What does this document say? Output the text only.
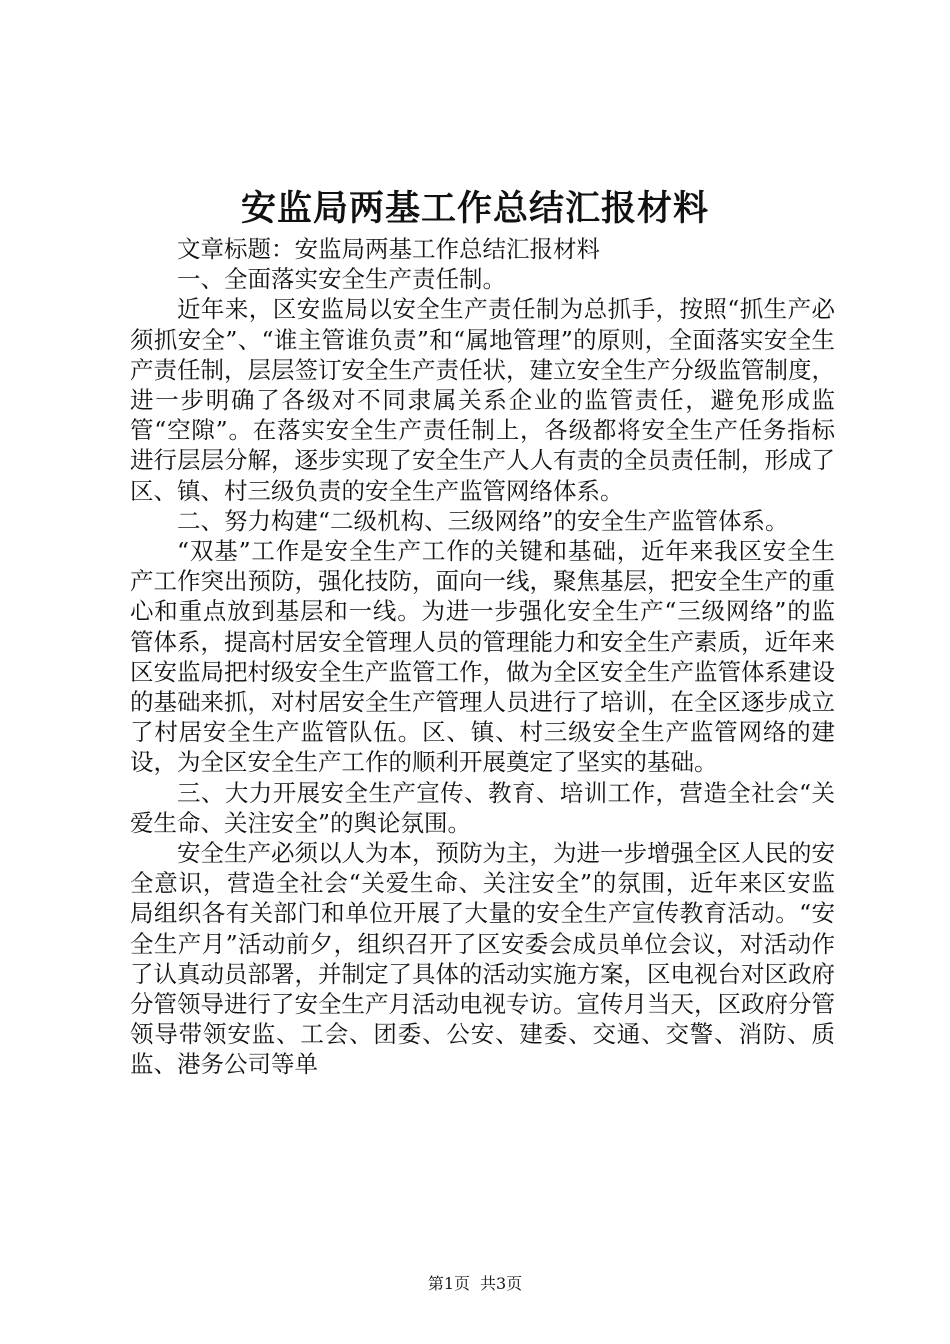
安监局两基工作总结汇报材料

文章标题：安监局两基工作总结汇报材料

一、全面落实安全生产责任制。

近年来，区安监局以安全生产责任制为总抓手，按照“抓生产必须抓安全”、“谁主管谁负责”和“属地管理”的原则，全面落实安全生产责任制，层层签订安全生产责任状，建立安全生产分级监管制度，进一步明确了各级对不同隶属关系企业的监管责任，避免形成监管“空隙”。在落实安全生产责任制上，各级都将安全生产任务指标进行层层分解，逐步实现了安全生产人人有责的全员责任制，形成了区、镇、村三级负责的安全生产监管网络体系。

二、努力构建“二级机构、三级网络”的安全生产监管体系。

“双基”工作是安全生产工作的关键和基础，近年来我区安全生产工作突出预防，强化技防，面向一线，聚焦基层，把安全生产的重心和重点放到基层和一线。为进一步强化安全生产“三级网络”的监管体系，提高村居安全管理人员的管理能力和安全生产素质，近年来区安监局把村级安全生产监管工作，做为全区安全生产监管体系建设的基础来抓，对村居安全生产管理人员进行了培训，在全区逐步成立了村居安全生产监管队伍。区、镇、村三级安全生产监管网络的建设，为全区安全生产工作的顺利开展奠定了坚实的基础。

三、大力开展安全生产宣传、教育、培训工作，营造全社会“关爱生命、关注安全”的舆论氛围。

安全生产必须以人为本，预防为主，为进一步增强全区人民的安全意识，营造全社会“关爱生命、关注安全”的氛围，近年来区安监局组织各有关部门和单位开展了大量的安全生产宣传教育活动。“安全生产月”活动前夕，组织召开了区安委会成员单位会议，对活动作了认真动员部署，并制定了具体的活动实施方案，区电视台对区政府分管领导进行了安全生产月活动电视专访。宣传月当天，区政府分管领导带领安监、工会、团委、公安、建委、交通、交警、消防、质监、港务公司等单

第1页 共3页
